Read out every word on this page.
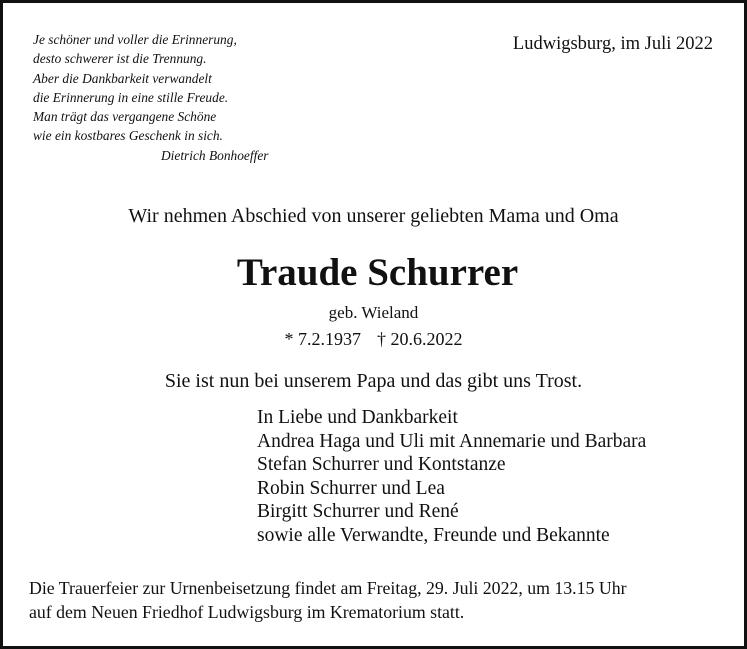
Je schöner und voller die Erinnerung,
desto schwerer ist die Trennung.
Aber die Dankbarkeit verwandelt
die Erinnerung in eine stille Freude.
Man trägt das vergangene Schöne
wie ein kostbares Geschenk in sich.
Dietrich Bonhoeffer
Ludwigsburg, im Juli 2022
Wir nehmen Abschied von unserer geliebten Mama und Oma
Traude Schurrer
geb. Wieland
* 7.2.1937 † 20.6.2022
Sie ist nun bei unserem Papa und das gibt uns Trost.
In Liebe und Dankbarkeit
Andrea Haga und Uli mit Annemarie und Barbara
Stefan Schurrer und Kontstanze
Robin Schurrer und Lea
Birgitt Schurrer und René
sowie alle Verwandte, Freunde und Bekannte
Die Trauerfeier zur Urnenbeisetzung findet am Freitag, 29. Juli 2022, um 13.15 Uhr
auf dem Neuen Friedhof Ludwigsburg im Krematorium statt.
